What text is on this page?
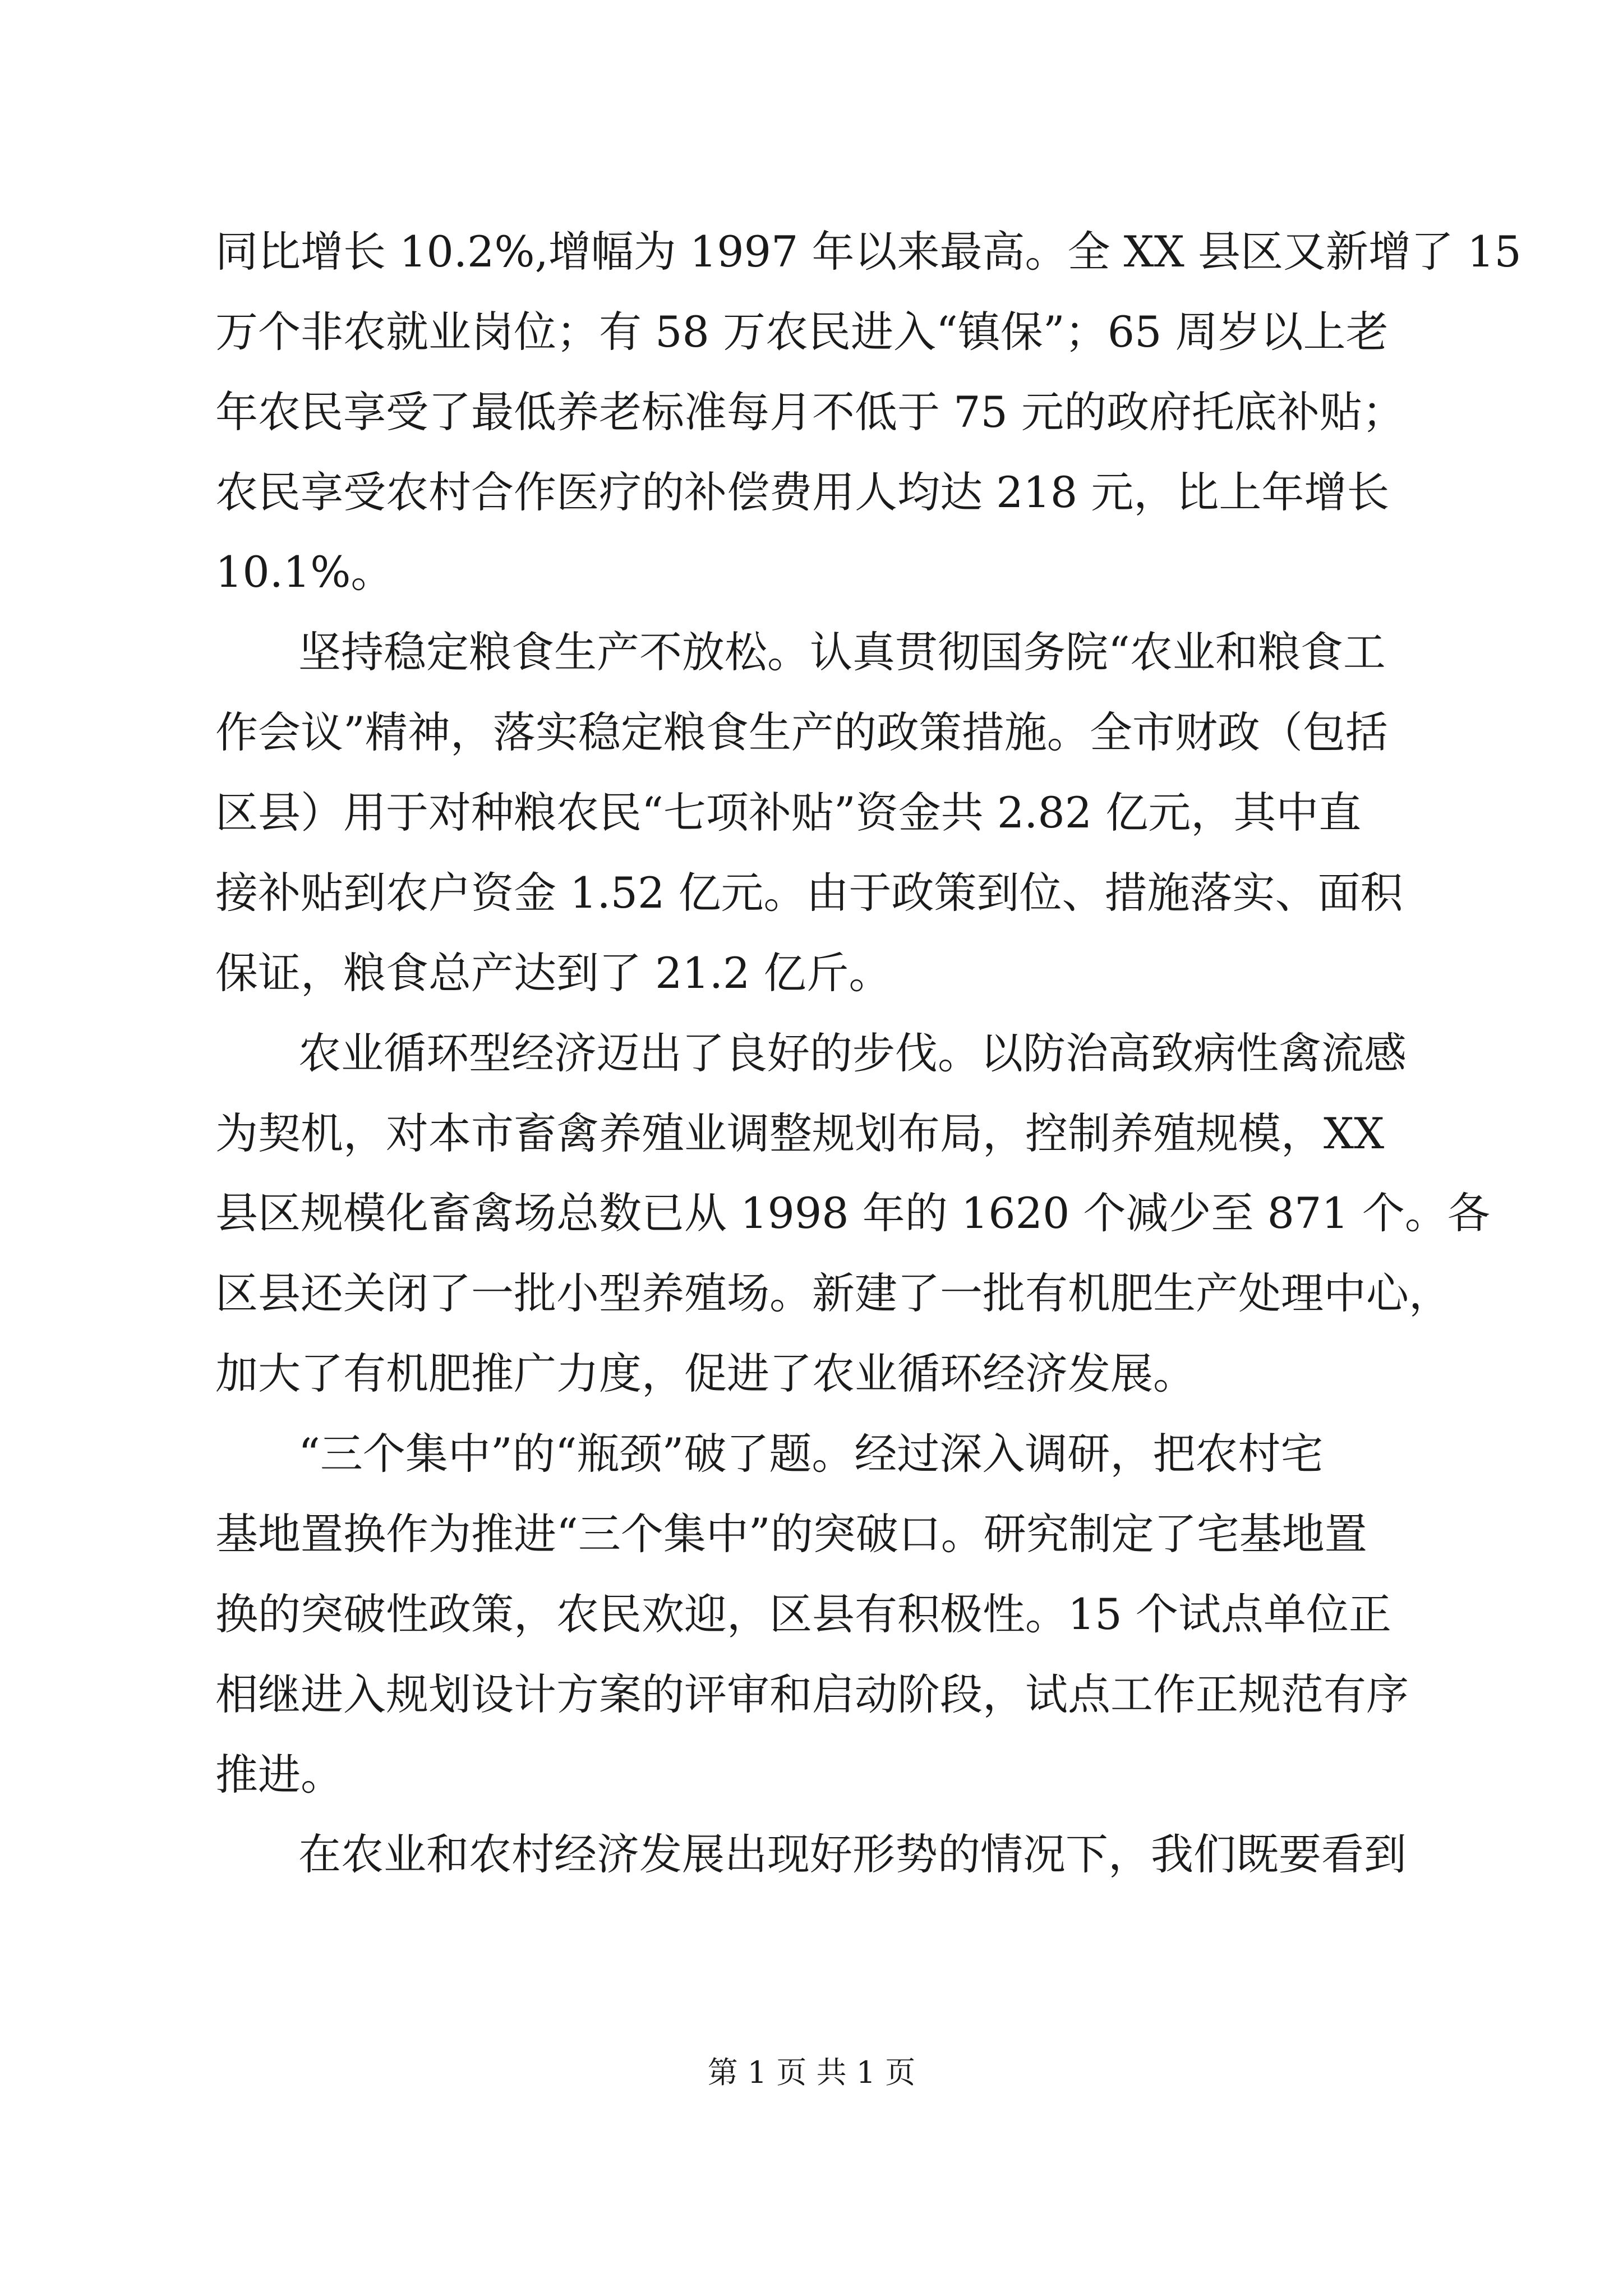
同比增长 10.2%,增幅为 1997 年以来最高。全 XX 县区又新增了 15
万个非农就业岗位；有 58 万农民进入“镇保”；65 周岁以上老
年农民享受了最低养老标准每月不低于 75 元的政府托底补贴；
农民享受农村合作医疗的补偿费用人均达 218 元，比上年增长
10.1%。
坚持稳定粮食生产不放松。认真贯彻国务院“农业和粮食工
作会议”精神，落实稳定粮食生产的政策措施。全市财政（包括
区县）用于对种粮农民“七项补贴”资金共 2.82 亿元，其中直
接补贴到农户资金 1.52 亿元。由于政策到位、措施落实、面积
保证，粮食总产达到了 21.2 亿斤。
农业循环型经济迈出了良好的步伐。以防治高致病性禽流感
为契机，对本市畜禽养殖业调整规划布局，控制养殖规模，XX
县区规模化畜禽场总数已从 1998 年的 1620 个减少至 871 个。各
区县还关闭了一批小型养殖场。新建了一批有机肥生产处理中心，
加大了有机肥推广力度，促进了农业循环经济发展。
“三个集中”的“瓶颈”破了题。经过深入调研，把农村宅
基地置换作为推进“三个集中”的突破口。研究制定了宅基地置
换的突破性政策，农民欢迎，区县有积极性。15 个试点单位正
相继进入规划设计方案的评审和启动阶段，试点工作正规范有序
推进。
第 1 页 共 1 页
在农业和农村经济发展出现好形势的情况下，我们既要看到
